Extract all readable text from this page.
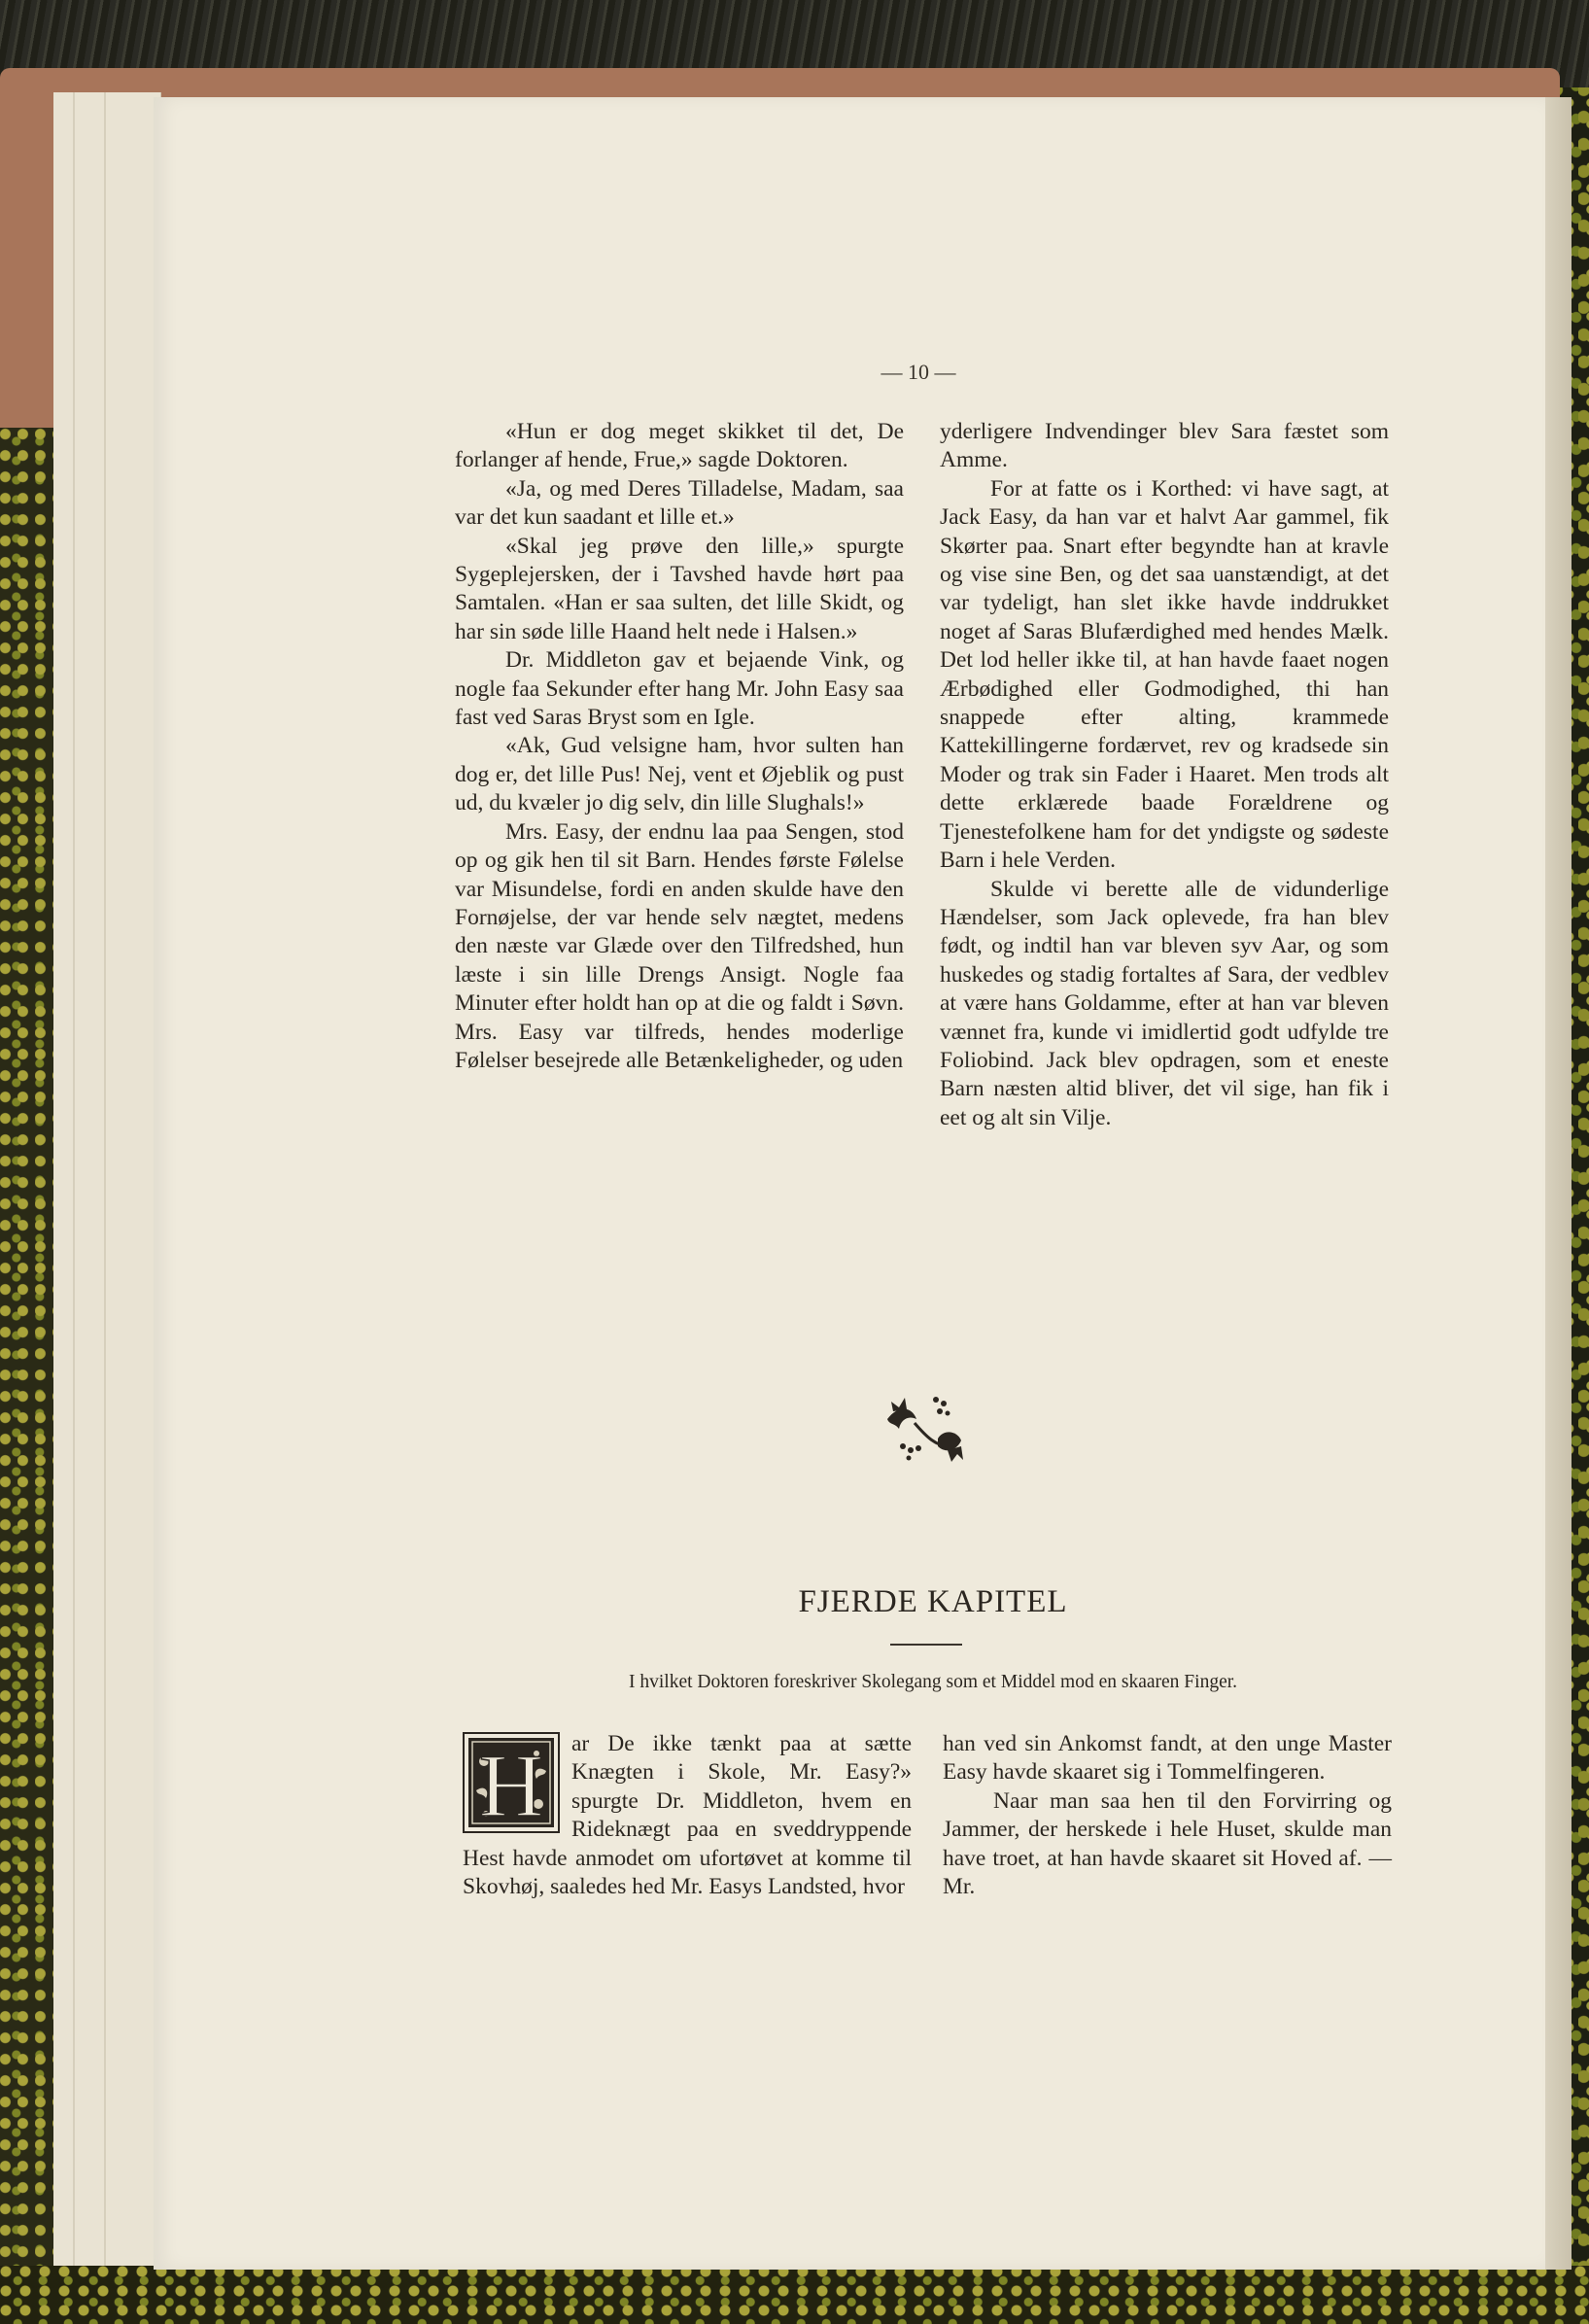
— 10 —

«Hun er dog meget skikket til det, De forlanger af hende, Frue,» sagde Doktoren.

«Ja, og med Deres Tilladelse, Madam, saa var det kun saadant et lille et.»

«Skal jeg prøve den lille,» spurgte Sygeplejersken, der i Tavshed havde hørt paa Samtalen. «Han er saa sulten, det lille Skidt, og har sin søde lille Haand helt nede i Halsen.»

Dr. Middleton gav et bejaende Vink, og nogle faa Sekunder efter hang Mr. John Easy saa fast ved Saras Bryst som en Igle.

«Ak, Gud velsigne ham, hvor sulten han dog er, det lille Pus! Nej, vent et Øjeblik og pust ud, du kvæler jo dig selv, din lille Slughals!»

Mrs. Easy, der endnu laa paa Sengen, stod op og gik hen til sit Barn. Hendes første Følelse var Misundelse, fordi en anden skulde have den Fornøjelse, der var hende selv nægtet, medens den næste var Glæde over den Tilfredshed, hun læste i sin lille Drengs Ansigt. Nogle faa Minuter efter holdt han op at die og faldt i Søvn. Mrs. Easy var tilfreds, hendes moderlige Følelser besejrede alle Betænkeligheder, og uden

yderligere Indvendinger blev Sara fæstet som Amme.

For at fatte os i Korthed: vi have sagt, at Jack Easy, da han var et halvt Aar gammel, fik Skørter paa. Snart efter begyndte han at kravle og vise sine Ben, og det saa uanstændigt, at det var tydeligt, han slet ikke havde inddrukket noget af Saras Blufærdighed med hendes Mælk. Det lod heller ikke til, at han havde faaet nogen Ærbødighed eller Godmodighed, thi han snappede efter alting, krammede Kattekillingerne fordærvet, rev og kradsede sin Moder og trak sin Fader i Haaret. Men trods alt dette erklærede baade Forældrene og Tjenestefolkene ham for det yndigste og sødeste Barn i hele Verden.

Skulde vi berette alle de vidunderlige Hændelser, som Jack oplevede, fra han blev født, og indtil han var bleven syv Aar, og som huskedes og stadig fortaltes af Sara, der vedblev at være hans Goldamme, efter at han var bleven vænnet fra, kunde vi imidlertid godt udfylde tre Foliobind. Jack blev opdragen, som et eneste Barn næsten altid bliver, det vil sige, han fik i eet og alt sin Vilje.

FJERDE KAPITEL
I hvilket Doktoren foreskriver Skolegang som et Middel mod en skaaren Finger.
H	ar De ikke tænkt paa at sætte Knægten i Skole, Mr. Easy?» spurgte Dr. Middleton, hvem en Rideknægt paa en sveddryppende Hest havde anmodet om ufortøvet at komme til Skovhøj, saaledes hed Mr. Easys Landsted, hvor

han ved sin Ankomst fandt, at den unge Master Easy havde skaaret sig i Tommelfingeren.

Naar man saa hen til den Forvirring og Jammer, der herskede i hele Huset, skulde man have troet, at han havde skaaret sit Hoved af. — Mr.
